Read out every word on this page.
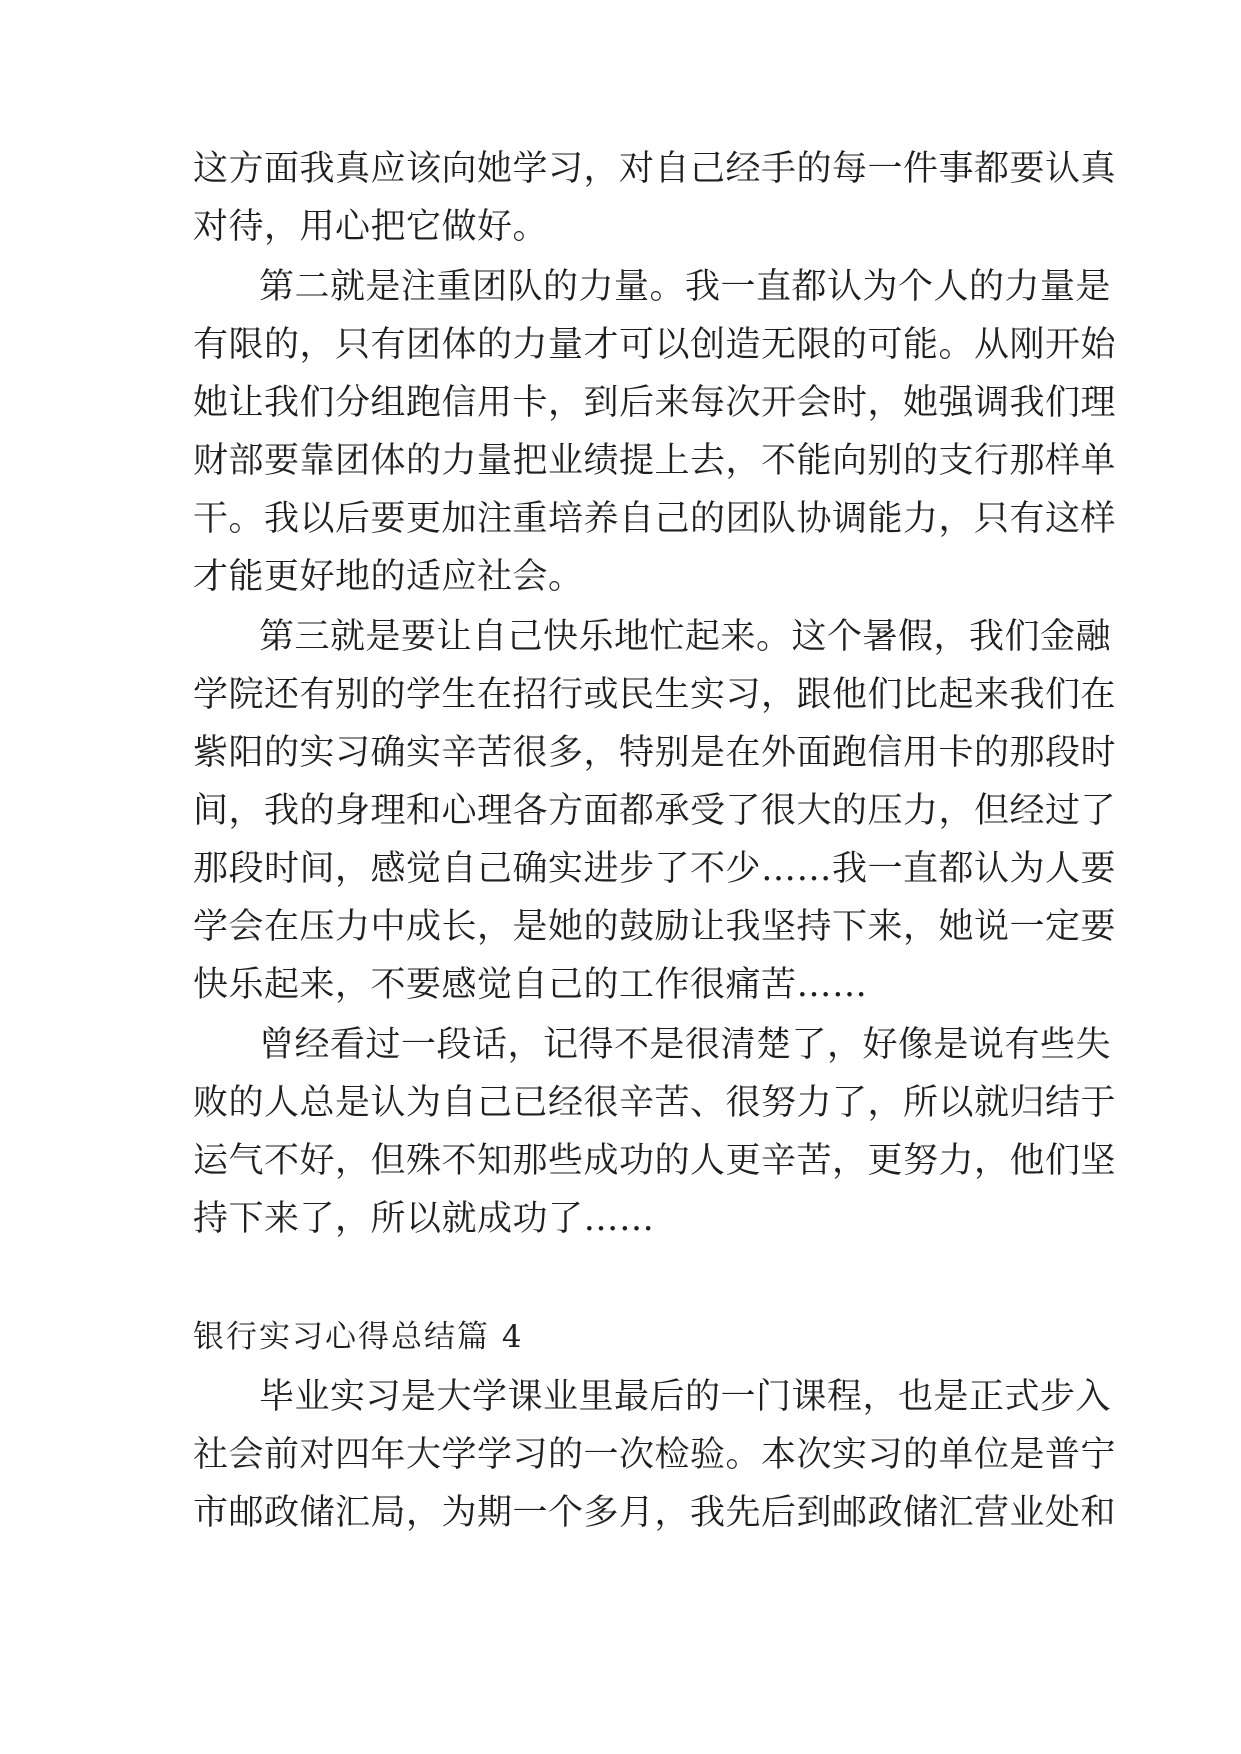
这方面我真应该向她学习，对自己经手的每一件事都要认真
对待，用心把它做好。
第二就是注重团队的力量。我一直都认为个人的力量是
有限的，只有团体的力量才可以创造无限的可能。从刚开始
她让我们分组跑信用卡，到后来每次开会时，她强调我们理
财部要靠团体的力量把业绩提上去，不能向别的支行那样单
干。我以后要更加注重培养自己的团队协调能力，只有这样
才能更好地的适应社会。
第三就是要让自己快乐地忙起来。这个暑假，我们金融
学院还有别的学生在招行或民生实习，跟他们比起来我们在
紫阳的实习确实辛苦很多，特别是在外面跑信用卡的那段时
间，我的身理和心理各方面都承受了很大的压力，但经过了
那段时间，感觉自己确实进步了不少……我一直都认为人要
学会在压力中成长，是她的鼓励让我坚持下来，她说一定要
快乐起来，不要感觉自己的工作很痛苦……
曾经看过一段话，记得不是很清楚了，好像是说有些失
败的人总是认为自己已经很辛苦、很努力了，所以就归结于
运气不好，但殊不知那些成功的人更辛苦，更努力，他们坚
持下来了，所以就成功了……
银行实习心得总结篇 4
毕业实习是大学课业里最后的一门课程，也是正式步入
社会前对四年大学学习的一次检验。本次实习的单位是普宁
市邮政储汇局，为期一个多月，我先后到邮政储汇营业处和
